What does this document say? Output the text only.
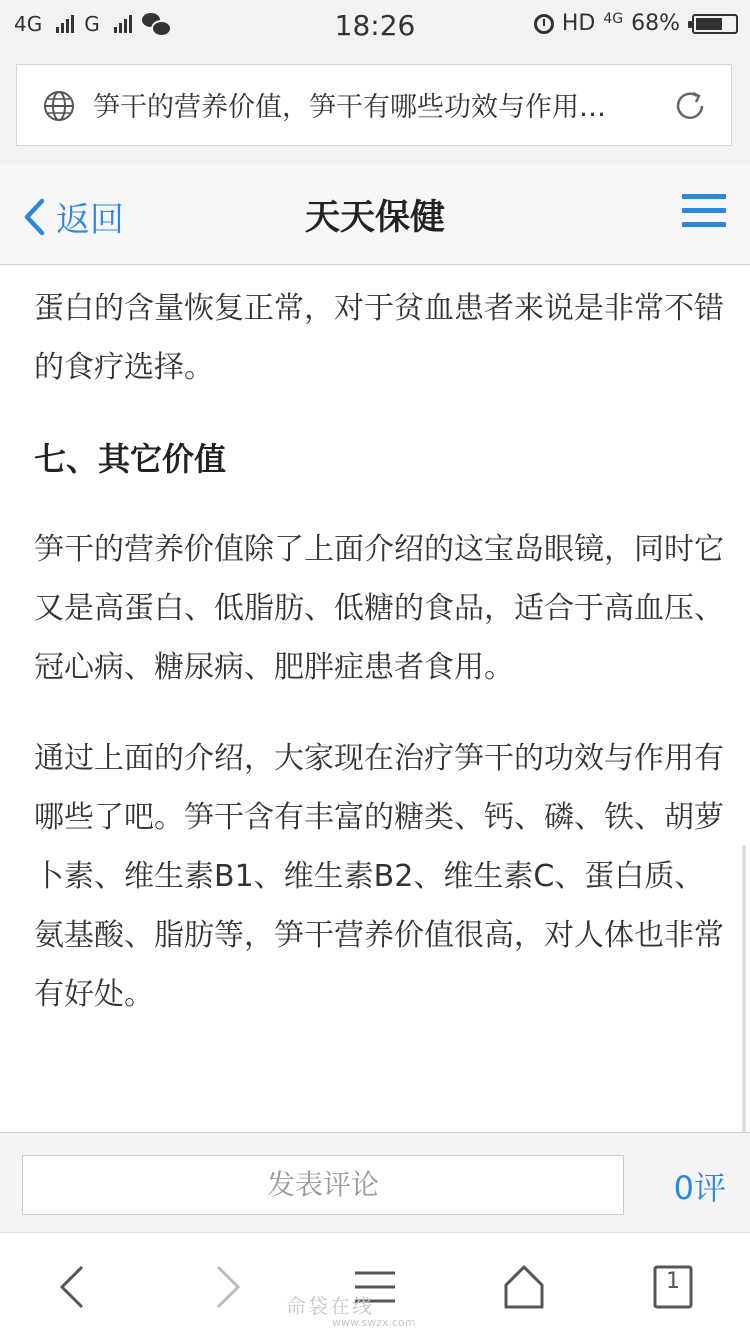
4G G	18:26	HD 4G 68%
笋干的营养价值，笋干有哪些功效与作用…
返回	天天保健

蛋白的含量恢复正常，对于贫血患者来说是非常不错的食疗选择。

七、其它价值

笋干的营养价值除了上面介绍的这宝岛眼镜，同时它又是高蛋白、低脂肪、低糖的食品，适合于高血压、冠心病、糖尿病、肥胖症患者食用。

通过上面的介绍，大家现在治疗笋干的功效与作用有哪些了吧。笋干含有丰富的糖类、钙、磷、铁、胡萝卜素、维生素B1、维生素B2、维生素C、蛋白质、氨基酸、脂肪等，笋干营养价值很高，对人体也非常有好处。

发表评论	0评
1
命袋在线
www.swzx.com
